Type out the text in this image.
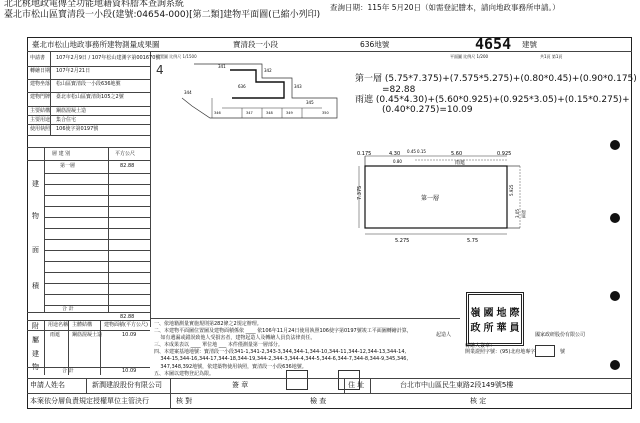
北北桃地政電傳全功能地籍資料謄本查詢系統
臺北市松山區寶清段一小段(建號:04654-000)[第二類]建物平面圖(已縮小列印)
查詢日期：115年 5月20日（如需登記謄本，請向地政事務所申請。）
臺北市松山地政事務所建物測量成果圖	寶清段一小段	636地號	4654 建號
申請書 107年2月9日 / 107年松山建測字第001670號
轉繪日期 107年2月21日
建物坐落 松山區寶清段一小段636地號
建物門牌 臺北市松山區寶清街105之2號
主要結構 鋼筋混凝土造
主要用途 集合住宅
使用執照 106使字第0197號
層 建 別	平方公尺
第一層	82.88
建
物
面
積
合 計
82.88
用途名稱 主體結構 建物面積(平方公尺)
雨遮 鋼筋混凝土造	10.09
附
屬
建
物	合 計	10.09
位置圖 比例尺 1/1500
4	341
342
636	343
344
345
346	347	348	349	350
第一層 (5.75*7.375)+(7.575*5.275)+(0.80*0.45)+(0.90*0.175)
=82.88
雨遮 (0.45*4.30)+(5.60*0.925)+(0.925*3.05)+(0.15*0.275)+
(0.40*0.275)=10.09
平面圖 比例尺 1/200	共1頁 第1頁
0.175	4.30 0.45 0.15	5.60	0.925
0.80	雨遮
7.375	第一層
5.925
3.05 雨遮
5.275	5.75
一、依地籍測量實施規則第282條之2規定辦理。
二、本建物平面圖位置圖及建物面積係依 ____ 依106年11月24日使用執照106使字第0197號竣工平面圖轉繪計算，
如有遺漏或錯誤致他人受損害者，建物起造人及轉繪人員負法律責任。
三、本成果表以 ____ 單位地 ___ 本件僅測量第一層部分。
四、本建案基地地號：寶清段一小段341-1,341-2,343-3,344,344-1,344-10,344-11,344-12,344-13,344-14,
344-15,344-16,344-17,344-18,344-19,344-2,344-3,344-4,344-5,344-6,344-7,344-8,344-9,345,346,
347,348,392地號，依建築物使用執照，寶清段一小段636地號。
五、本圖以建物登記為限。
嶺 國 地 際
政 所 華 員
起造人	國家政研股份有限公司
轉繪人簽章：
開業證照字號：(95)北府地專字	號
申請人姓名	新潤建設股份有限公司	簽 章	住 址	台北市中山區民生東路2段149號5樓
本案依分層負責規定授權單位主管決行	核 對	檢 查	核 定
